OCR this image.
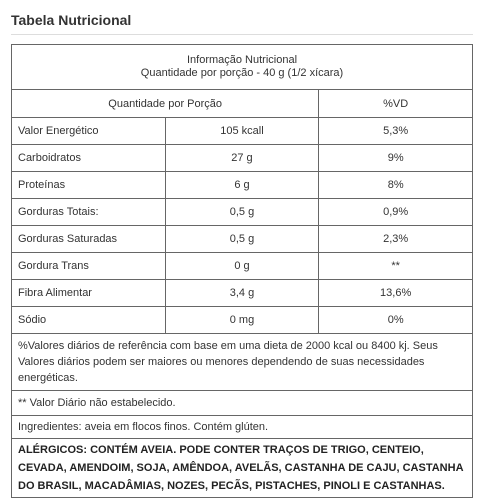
Tabela Nutricional
Informação Nutricional
Quantidade por porção - 40 g (1/2 xícara)		
Quantidade por Porção		%VD
Valor Energético	105 kcall	5,3%
Carboidratos	27 g	9%
Proteínas	6 g	8%
Gorduras Totais:	0,5 g	0,9%
Gorduras Saturadas	0,5 g	2,3%
Gordura Trans	0 g	**
Fibra Alimentar	3,4 g	13,6%
Sódio	0 mg	0%
%Valores diários de referência com base em uma dieta de 2000 kcal ou 8400 kj. Seus Valores diários podem ser maiores ou menores dependendo de suas necessidades energéticas.		
** Valor Diário não estabelecido.		
Ingredientes: aveia em flocos finos. Contém glúten.		
ALÉRGICOS: CONTÉM AVEIA. PODE CONTER TRAÇOS DE TRIGO, CENTEIO, CEVADA, AMENDOIM, SOJA, AMÊNDOA, AVELÃS, CASTANHA DE CAJU, CASTANHA DO BRASIL, MACADÂMIAS, NOZES, PECÃS, PISTACHES, PINOLI E CASTANHAS.		
